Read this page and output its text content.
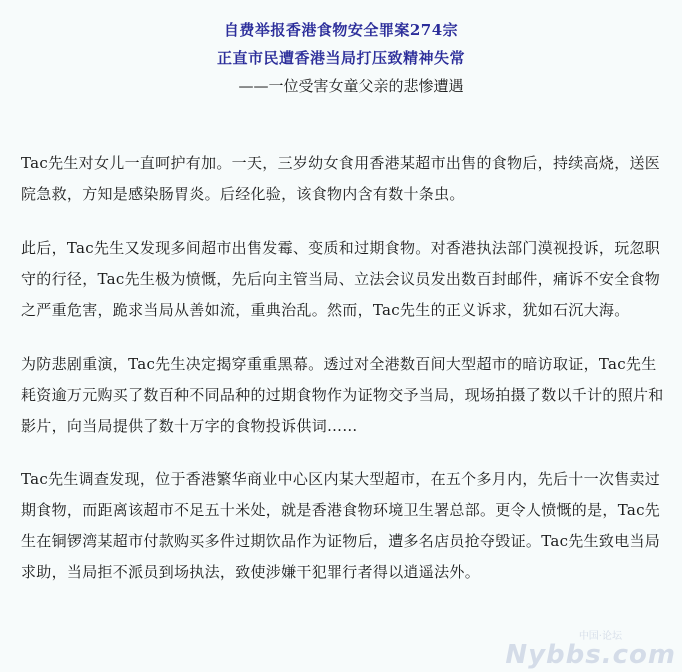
自费举报香港食物安全罪案274宗
正直市民遭香港当局打压致精神失常
——一位受害女童父亲的悲惨遭遇

Tac先生对女儿一直呵护有加。一天，三岁幼女食用香港某超市出售的食物后，持续高烧，送医院急救，方知是感染肠胃炎。后经化验，该食物内含有数十条虫。

此后，Tac先生又发现多间超市出售发霉、变质和过期食物。对香港执法部门漠视投诉，玩忽职守的行径，Tac先生极为愤慨，先后向主管当局、立法会议员发出数百封邮件，痛诉不安全食物之严重危害，跪求当局从善如流，重典治乱。然而，Tac先生的正义诉求，犹如石沉大海。

为防悲剧重演，Tac先生决定揭穿重重黑幕。透过对全港数百间大型超市的暗访取证，Tac先生耗资逾万元购买了数百种不同品种的过期食物作为证物交予当局，现场拍摄了数以千计的照片和影片，向当局提供了数十万字的食物投诉供词……

Tac先生调查发现，位于香港繁华商业中心区内某大型超市，在五个多月内，先后十一次售卖过期食物，而距离该超市不足五十米处，就是香港食物环境卫生署总部。更令人愤慨的是，Tac先生在铜锣湾某超市付款购买多件过期饮品作为证物后，遭多名店员抢夺毁证。Tac先生致电当局求助，当局拒不派员到场执法，致使涉嫌干犯罪行者得以逍遥法外。

中国·论坛
Nybbs.com
